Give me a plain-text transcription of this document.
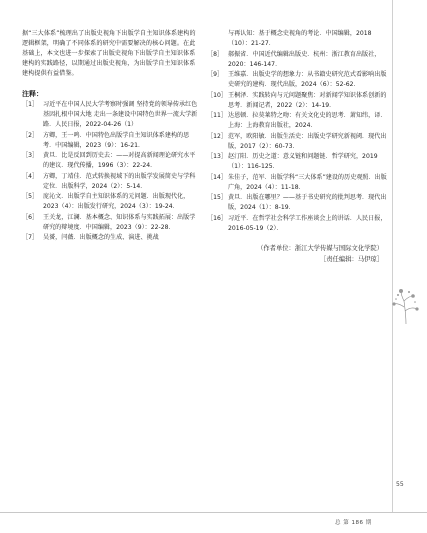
据“三大体系”梳理出了出版史视角下出版学自主知识体系建构的逻辑框架，明确了不同体系的研究中需要解决的核心问题。在此基础上，本文也进一步探索了出版史视角下出版学自主知识体系建构的实践路径，以期通过出版史视角，为出版学自主知识体系建构提供有益借鉴。
注释：
［1］ 习近平在中国人民大学考察时强调 坚持党的领导传承红色基因扎根中国大地 走出一条建设中国特色世界一流大学新路．人民日报，2022-04-26（1）
［2］ 方卿，王一鸣．中国特色出版学自主知识体系建构的思考．中国编辑，2023（9）：16-21．
［3］ 黄旦．比是反回到历史去：——对提高新闻理论研究水平的建议．现代传播，1996（3）：22-24．
［4］ 方卿，丁靖佳．范式转换视域下的出版学发展简史与学科定位．出版科学，2024（2）：5-14．
［5］ 庞沁文．出版学自主知识体系的元问题．出版现代化，2023（4）：出版发行研究，2024（3）：19-24．
［6］ 王关龙，江澜．基本概念、知识体系与实践拓展：出版学研究的辩境度．中国编辑，2023（9）：22-28．
［7］ 吴赟，闫薇．出版概念的生成、演进、挑战
与再认知：基于概念史视角的考论．中国编辑，2018（10）：21-27．
［8］ 郝振省．中国近代编辑出版史．杭州：浙江教育出版社，2020：146-147．
［9］ 王维嘉．出版史学的想象力：从书籍史研究范式看影响出版史研究的建构．现代出版，2024（6）：52-62．
［10］ 王桐泽．实践转向与元问题聚焦：对新闻学知识体系创新的思考．新闻记者，2022（2）：14-19．
［11］ 达恩顿．拉莫莱特之吻：有关文化史的思考．萧知纬，译．上海：上海教育出版社，2024．
［12］ 范军，欧阳敏．出版生活史：出版史学研究新视阈．现代出版，2017（2）：60-73．
［13］ 赵汀阳．历史之道：意义链和问题链．哲学研究，2019（1）：116-125．
［14］ 朱佳子，范军．出版学科“三大体系”建设的历史观照．出版广角，2024（4）：11-18．
［15］ 黄旦．出版在哪里？——基于书史研究的批判思考．现代出版，2024（1）：8-19．
［16］ 习近平．在哲学社会科学工作座谈会上的讲话．人民日报，2016-05-19（2）．
（作者单位：浙江大学传媒与国际文化学院）
［责任编辑：马伊琼］
55
总 第 186 期
